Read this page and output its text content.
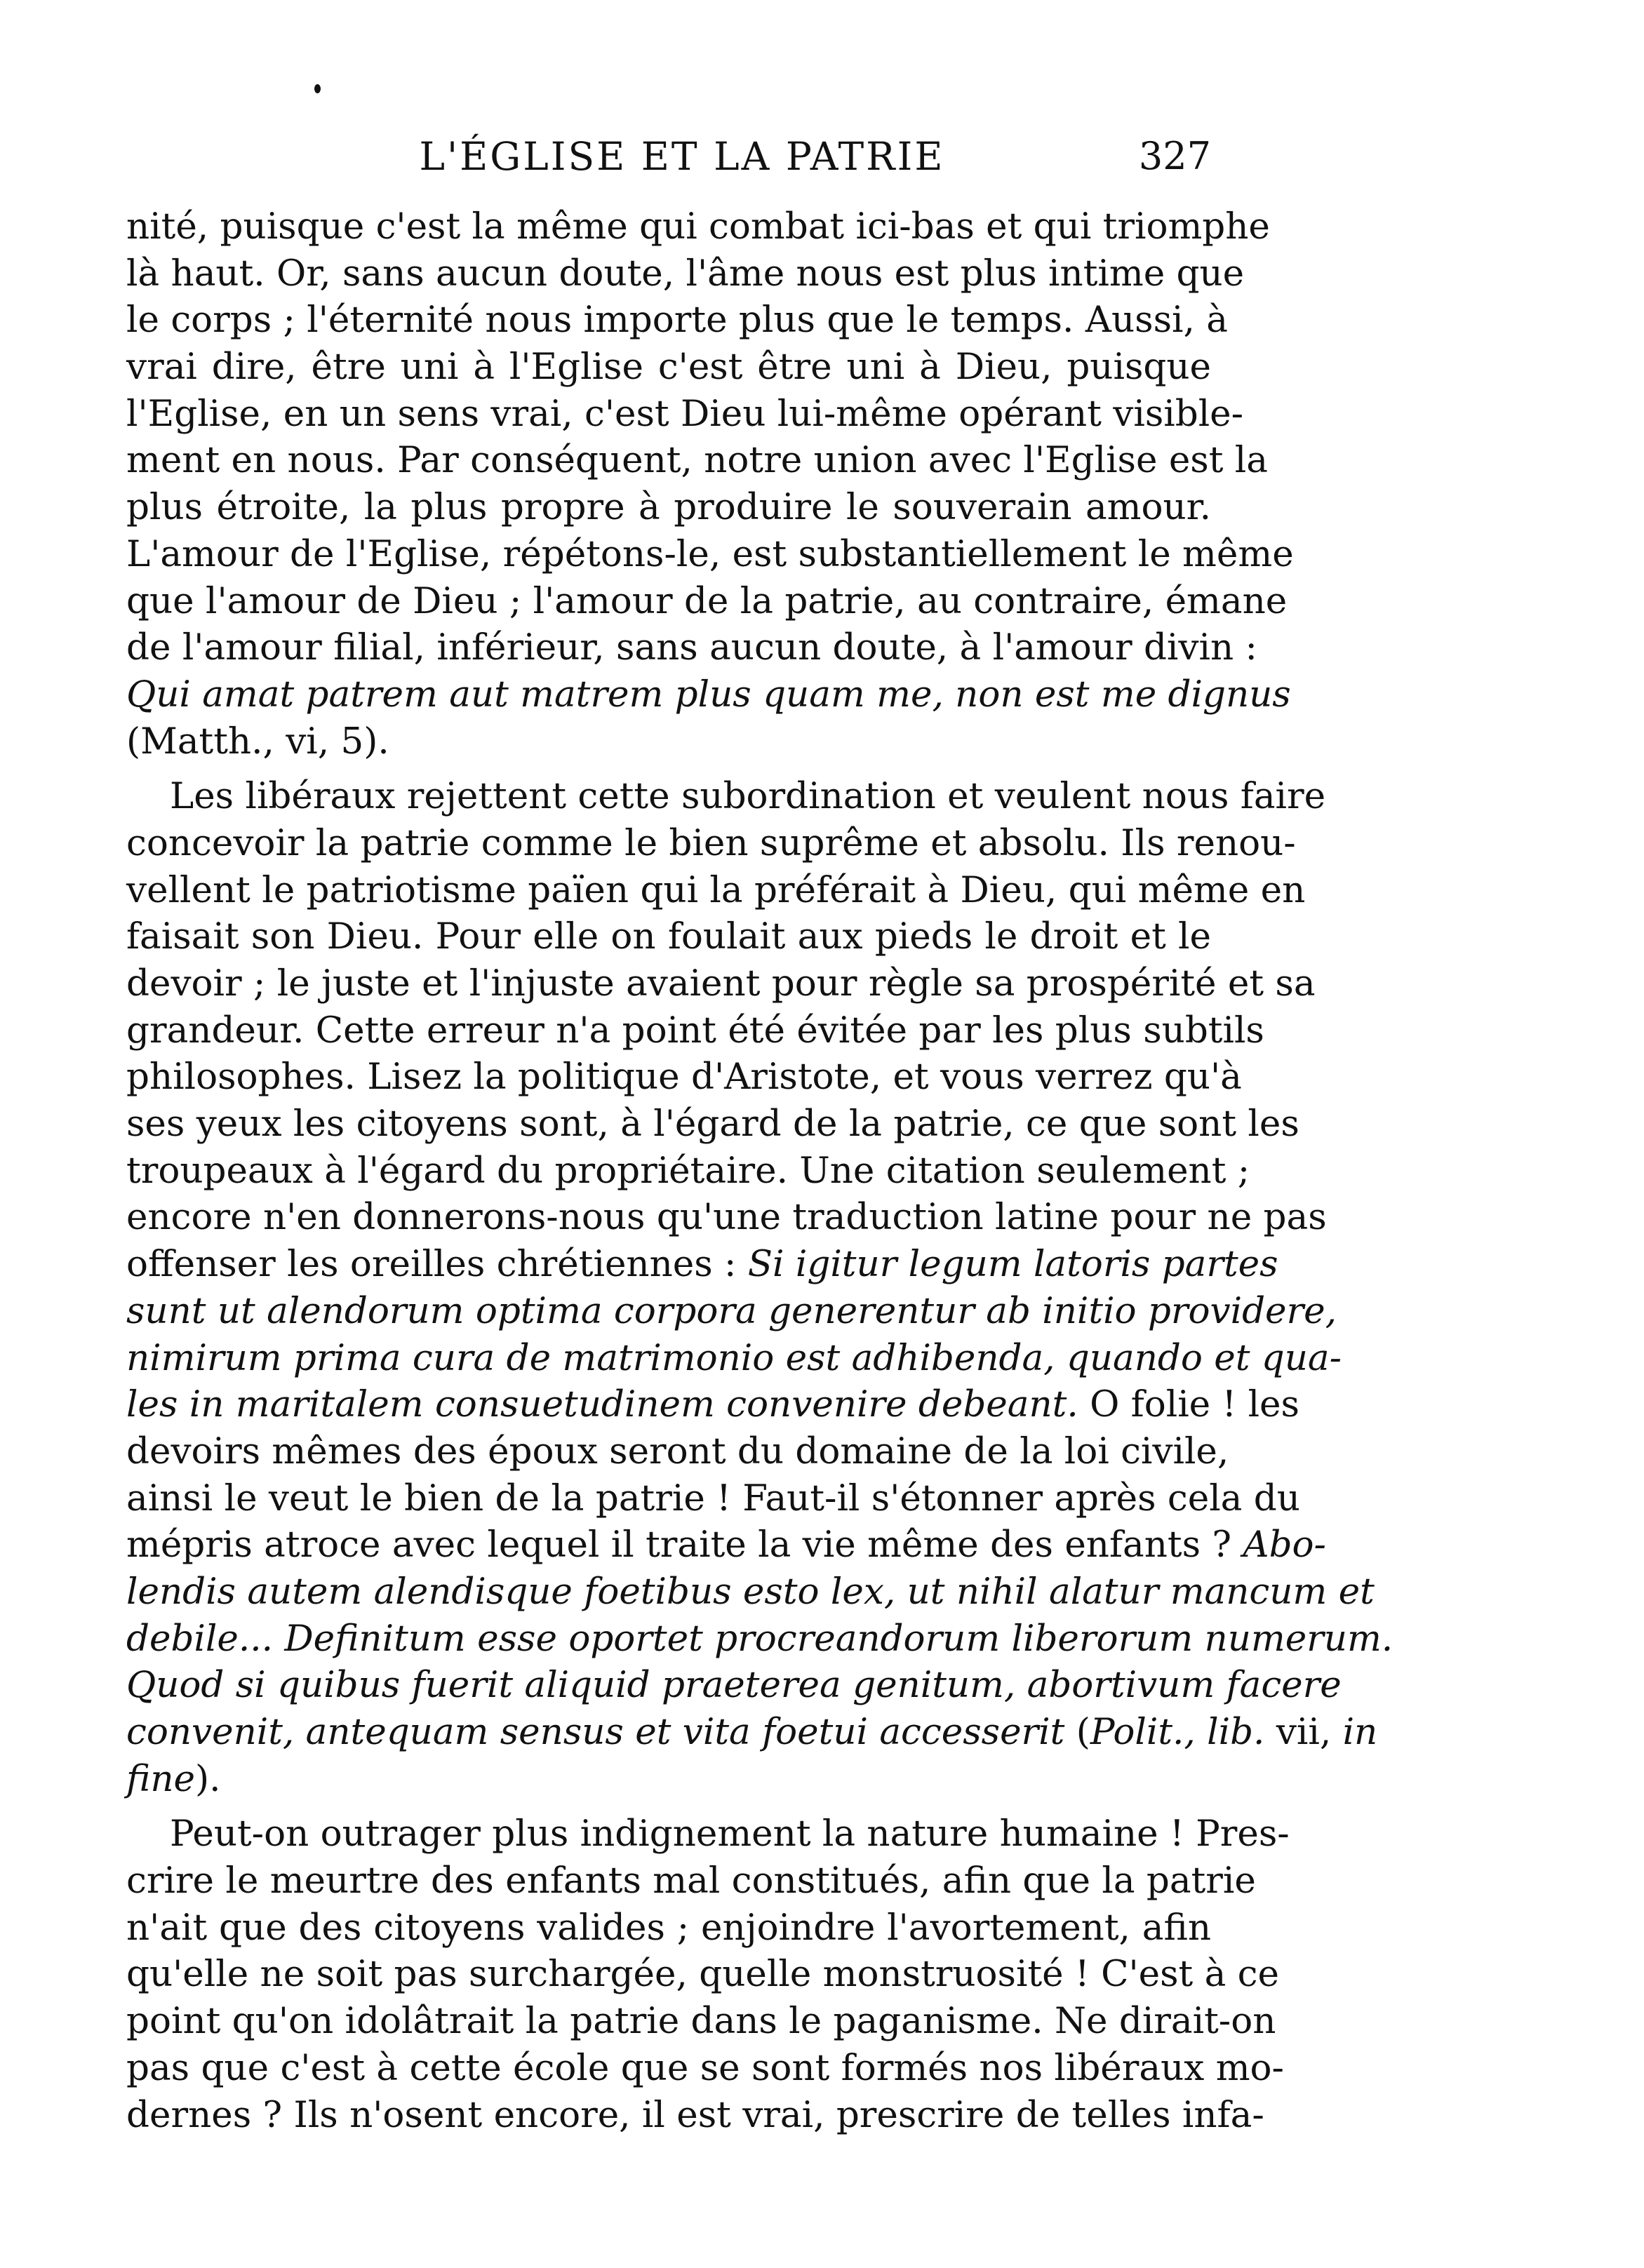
L'ÉGLISE ET LA PATRIE	327
nité, puisque c'est la même qui combat ici-bas et qui triomphe
là haut. Or, sans aucun doute, l'âme nous est plus intime que
le corps ; l'éternité nous importe plus que le temps. Aussi, à
vrai dire, être uni à l'Eglise c'est être uni à Dieu, puisque
l'Eglise, en un sens vrai, c'est Dieu lui-même opérant visible-
ment en nous. Par conséquent, notre union avec l'Eglise est la
plus étroite, la plus propre à produire le souverain amour.
L'amour de l'Eglise, répétons-le, est substantiellement le même
que l'amour de Dieu ; l'amour de la patrie, au contraire, émane
de l'amour filial, inférieur, sans aucun doute, à l'amour divin :
Qui amat patrem aut matrem plus quam me, non est me dignus
(Matth., vi, 5).
Les libéraux rejettent cette subordination et veulent nous faire
concevoir la patrie comme le bien suprême et absolu. Ils renou-
vellent le patriotisme païen qui la préférait à Dieu, qui même en
faisait son Dieu. Pour elle on foulait aux pieds le droit et le
devoir ; le juste et l'injuste avaient pour règle sa prospérité et sa
grandeur. Cette erreur n'a point été évitée par les plus subtils
philosophes. Lisez la politique d'Aristote, et vous verrez qu'à
ses yeux les citoyens sont, à l'égard de la patrie, ce que sont les
troupeaux à l'égard du propriétaire. Une citation seulement ;
encore n'en donnerons-nous qu'une traduction latine pour ne pas
offenser les oreilles chrétiennes : Si igitur legum latoris partes
sunt ut alendorum optima corpora generentur ab initio providere,
nimirum prima cura de matrimonio est adhibenda, quando et qua-
les in maritalem consuetudinem convenire debeant. O folie ! les
devoirs mêmes des époux seront du domaine de la loi civile,
ainsi le veut le bien de la patrie ! Faut-il s'étonner après cela du
mépris atroce avec lequel il traite la vie même des enfants ? Abo-
lendis autem alendisque foetibus esto lex, ut nihil alatur mancum et
debile... Definitum esse oportet procreandorum liberorum numerum.
Quod si quibus fuerit aliquid praeterea genitum, abortivum facere
convenit, antequam sensus et vita foetui accesserit (Polit., lib. vii, in
fine).
Peut-on outrager plus indignement la nature humaine ! Pres-
crire le meurtre des enfants mal constitués, afin que la patrie
n'ait que des citoyens valides ; enjoindre l'avortement, afin
qu'elle ne soit pas surchargée, quelle monstruosité ! C'est à ce
point qu'on idolâtrait la patrie dans le paganisme. Ne dirait-on
pas que c'est à cette école que se sont formés nos libéraux mo-
dernes ? Ils n'osent encore, il est vrai, prescrire de telles infa-
